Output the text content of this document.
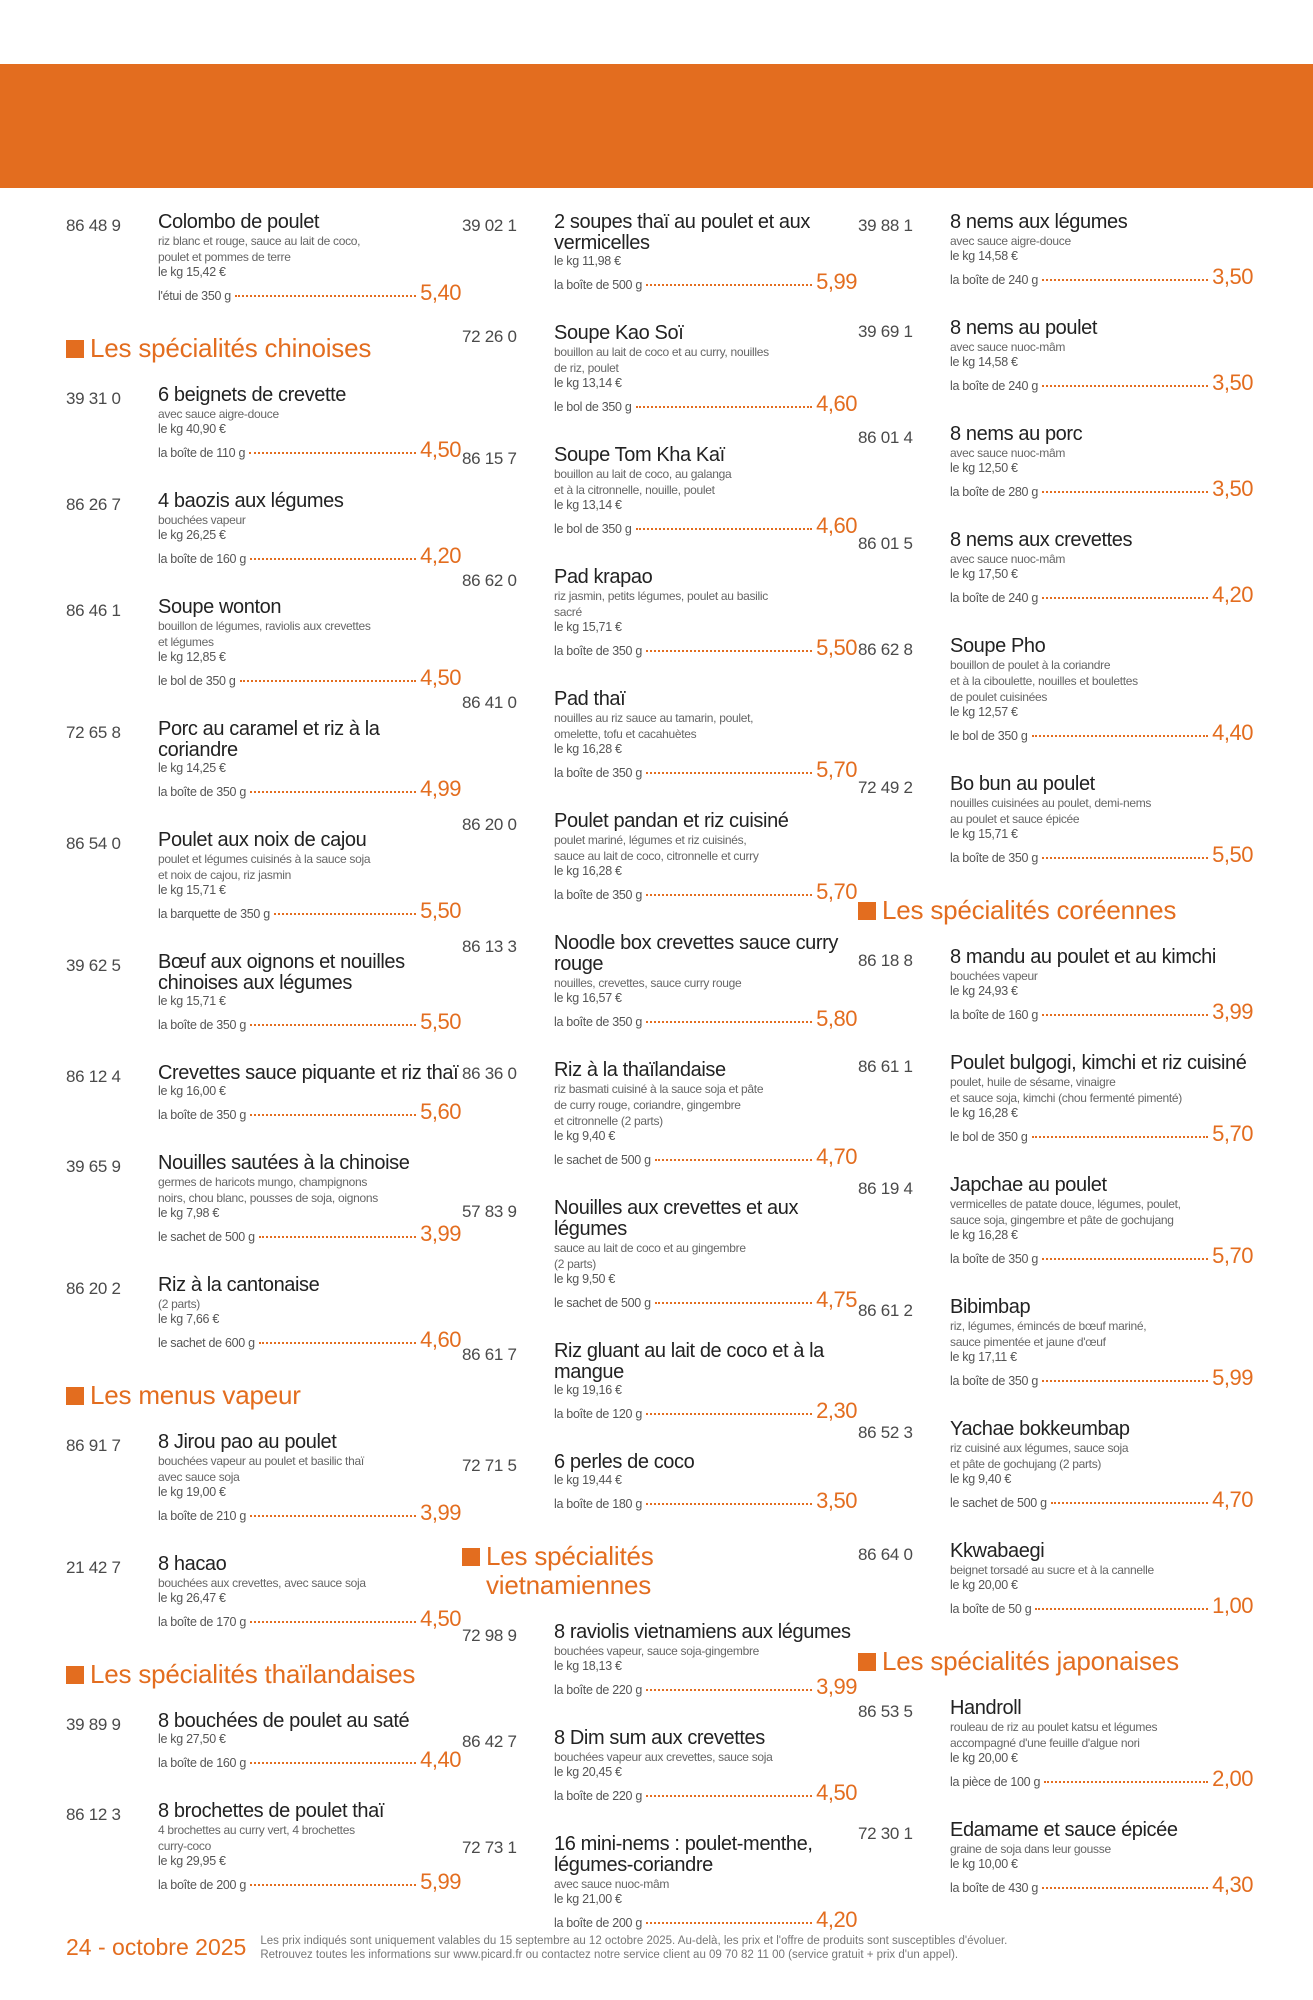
86 48 9	Colombo de poulet
riz blanc et rouge, sauce au lait de coco,
poulet et pommes de terre
le kg 15,42 €
l'étui de 350 g	5,40
Les spécialités chinoises
39 31 0	6 beignets de crevette
avec sauce aigre-douce
le kg 40,90 €
la boîte de 110 g	4,50
86 26 7	4 baozis aux légumes
bouchées vapeur
le kg 26,25 €
la boîte de 160 g	4,20
86 46 1	Soupe wonton
bouillon de légumes, raviolis aux crevettes
et légumes
le kg 12,85 €
le bol de 350 g	4,50
72 65 8	Porc au caramel et riz à la coriandre
le kg 14,25 €
la boîte de 350 g	4,99
86 54 0	Poulet aux noix de cajou
poulet et légumes cuisinés à la sauce soja
et noix de cajou, riz jasmin
le kg 15,71 €
la barquette de 350 g	5,50
39 62 5	Bœuf aux oignons et nouilles chinoises aux légumes
le kg 15,71 €
la boîte de 350 g	5,50
86 12 4	Crevettes sauce piquante et riz thaï
le kg 16,00 €
la boîte de 350 g	5,60
39 65 9	Nouilles sautées à la chinoise
germes de haricots mungo, champignons
noirs, chou blanc, pousses de soja, oignons
le kg 7,98 €
le sachet de 500 g	3,99
86 20 2	Riz à la cantonaise
(2 parts)
le kg 7,66 €
le sachet de 600 g	4,60
Les menus vapeur
86 91 7	8 Jirou pao au poulet
bouchées vapeur au poulet et basilic thaï
avec sauce soja
le kg 19,00 €
la boîte de 210 g	3,99
21 42 7	8 hacao
bouchées aux crevettes, avec sauce soja
le kg 26,47 €
la boîte de 170 g	4,50
Les spécialités thaïlandaises
39 89 9	8 bouchées de poulet au saté
le kg 27,50 €
la boîte de 160 g	4,40
86 12 3	8 brochettes de poulet thaï
4 brochettes au curry vert, 4 brochettes
curry-coco
le kg 29,95 €
la boîte de 200 g	5,99
39 02 1	2 soupes thaï au poulet et aux vermicelles
le kg 11,98 €
la boîte de 500 g	5,99
72 26 0	Soupe Kao Soï
bouillon au lait de coco et au curry, nouilles
de riz, poulet
le kg 13,14 €
le bol de 350 g	4,60
86 15 7	Soupe Tom Kha Kaï
bouillon au lait de coco, au galanga
et à la citronnelle, nouille, poulet
le kg 13,14 €
le bol de 350 g	4,60
86 62 0	Pad krapao
riz jasmin, petits légumes, poulet au basilic
sacré
le kg 15,71 €
la boîte de 350 g	5,50
86 41 0	Pad thaï
nouilles au riz sauce au tamarin, poulet,
omelette, tofu et cacahuètes
le kg 16,28 €
la boîte de 350 g	5,70
86 20 0	Poulet pandan et riz cuisiné
poulet mariné, légumes et riz cuisinés,
sauce au lait de coco, citronnelle et curry
le kg 16,28 €
la boîte de 350 g	5,70
86 13 3	Noodle box crevettes sauce curry rouge
nouilles, crevettes, sauce curry rouge
le kg 16,57 €
la boîte de 350 g	5,80
86 36 0	Riz à la thaïlandaise
riz basmati cuisiné à la sauce soja et pâte
de curry rouge, coriandre, gingembre
et citronnelle (2 parts)
le kg 9,40 €
le sachet de 500 g	4,70
57 83 9	Nouilles aux crevettes et aux légumes
sauce au lait de coco et au gingembre
(2 parts)
le kg 9,50 €
le sachet de 500 g	4,75
86 61 7	Riz gluant au lait de coco et à la mangue
le kg 19,16 €
la boîte de 120 g	2,30
72 71 5	6 perles de coco
le kg 19,44 €
la boîte de 180 g	3,50
Les spécialités
vietnamiennes
72 98 9	8 raviolis vietnamiens aux légumes
bouchées vapeur, sauce soja-gingembre
le kg 18,13 €
la boîte de 220 g	3,99
86 42 7	8 Dim sum aux crevettes
bouchées vapeur aux crevettes, sauce soja
le kg 20,45 €
la boîte de 220 g	4,50
72 73 1	16 mini-nems : poulet-menthe, légumes-coriandre
avec sauce nuoc-mâm
le kg 21,00 €
la boîte de 200 g	4,20
39 88 1	8 nems aux légumes
avec sauce aigre-douce
le kg 14,58 €
la boîte de 240 g	3,50
39 69 1	8 nems au poulet
avec sauce nuoc-mâm
le kg 14,58 €
la boîte de 240 g	3,50
86 01 4	8 nems au porc
avec sauce nuoc-mâm
le kg 12,50 €
la boîte de 280 g	3,50
86 01 5	8 nems aux crevettes
avec sauce nuoc-mâm
le kg 17,50 €
la boîte de 240 g	4,20
86 62 8	Soupe Pho
bouillon de poulet à la coriandre
et à la ciboulette, nouilles et boulettes
de poulet cuisinées
le kg 12,57 €
le bol de 350 g	4,40
72 49 2	Bo bun au poulet
nouilles cuisinées au poulet, demi-nems
au poulet et sauce épicée
le kg 15,71 €
la boîte de 350 g	5,50
Les spécialités coréennes
86 18 8	8 mandu au poulet et au kimchi
bouchées vapeur
le kg 24,93 €
la boîte de 160 g	3,99
86 61 1	Poulet bulgogi, kimchi et riz cuisiné
poulet, huile de sésame, vinaigre
et sauce soja, kimchi (chou fermenté pimenté)
le kg 16,28 €
le bol de 350 g	5,70
86 19 4	Japchae au poulet
vermicelles de patate douce, légumes, poulet,
sauce soja, gingembre et pâte de gochujang
le kg 16,28 €
la boîte de 350 g	5,70
86 61 2	Bibimbap
riz, légumes, émincés de bœuf mariné,
sauce pimentée et jaune d'œuf
le kg 17,11 €
la boîte de 350 g	5,99
86 52 3	Yachae bokkeumbap
riz cuisiné aux légumes, sauce soja
et pâte de gochujang (2 parts)
le kg 9,40 €
le sachet de 500 g	4,70
86 64 0	Kkwabaegi
beignet torsadé au sucre et à la cannelle
le kg 20,00 €
la boîte de 50 g	1,00
Les spécialités japonaises
86 53 5	Handroll
rouleau de riz au poulet katsu et légumes
accompagné d'une feuille d'algue nori
le kg 20,00 €
la pièce de 100 g	2,00
72 30 1	Edamame et sauce épicée
graine de soja dans leur gousse
le kg 10,00 €
la boîte de 430 g	4,30
24 - octobre 2025 Les prix indiqués sont uniquement valables du 15 septembre au 12 octobre 2025. Au-delà, les prix et l'offre de produits sont susceptibles d'évoluer.
Retrouvez toutes les informations sur www.picard.fr ou contactez notre service client au 09 70 82 11 00 (service gratuit + prix d'un appel).
